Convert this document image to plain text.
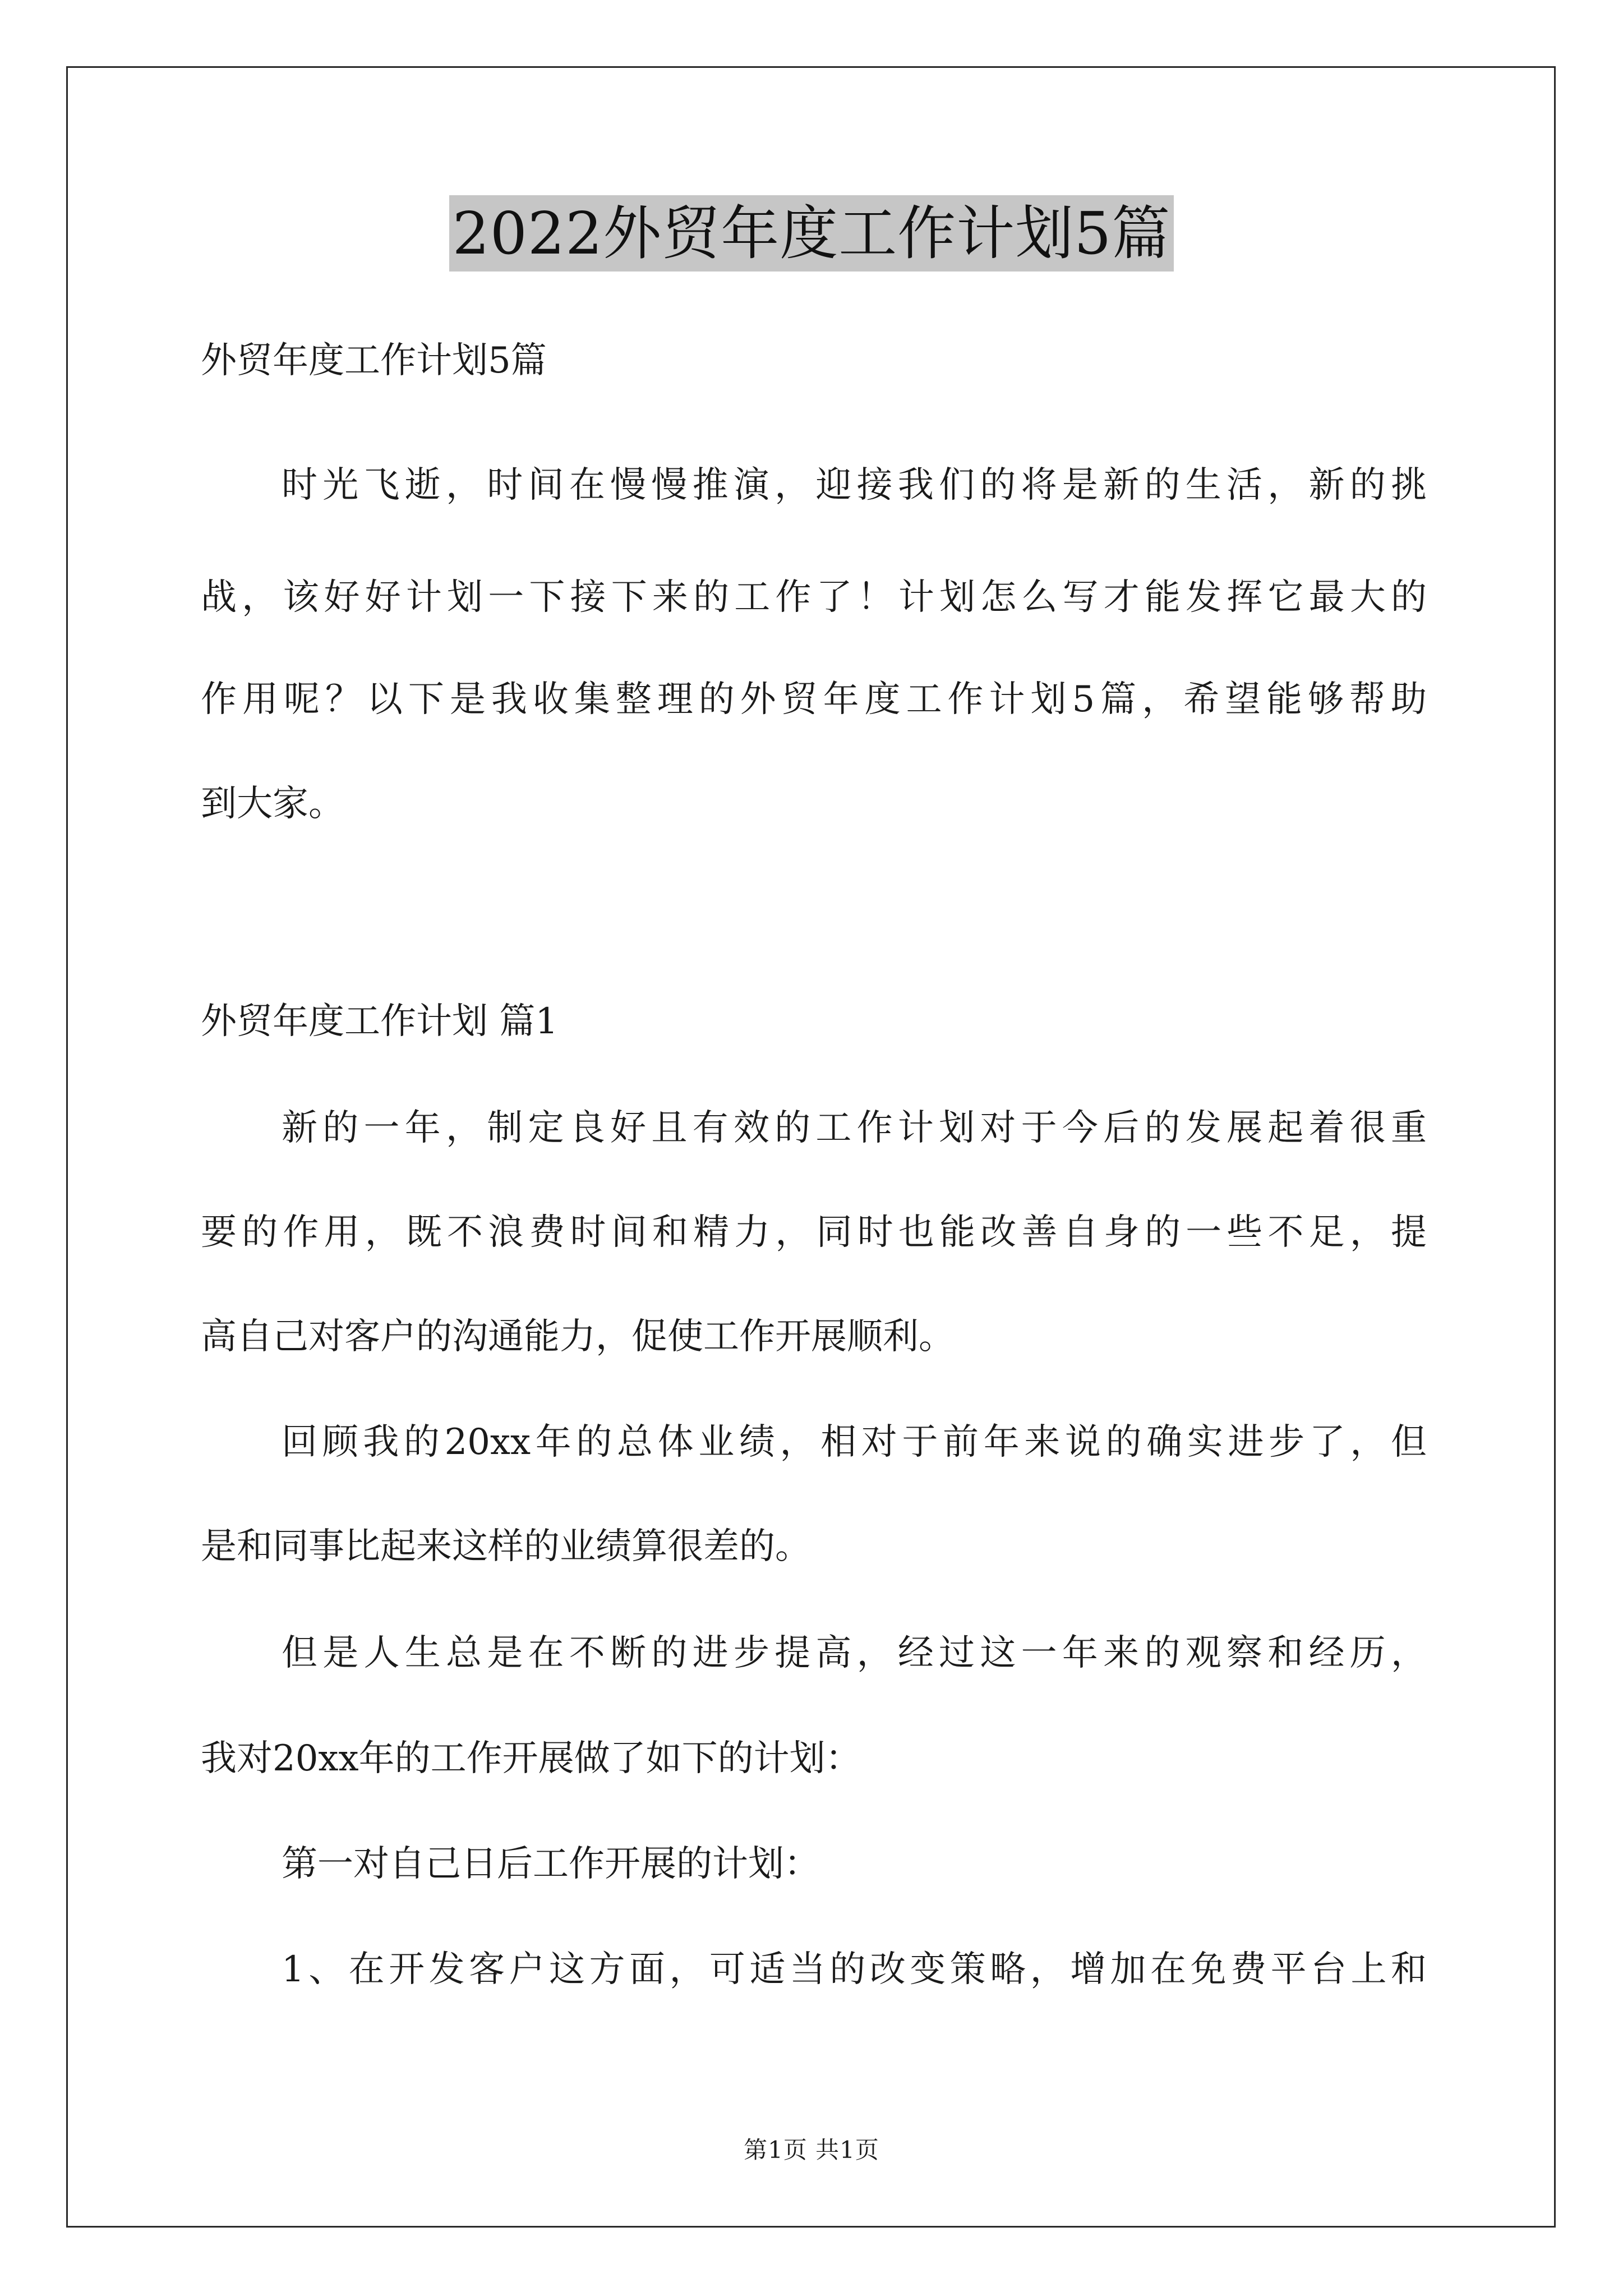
2022外贸年度工作计划5篇
外贸年度工作计划5篇
时光飞逝，时间在慢慢推演，迎接我们的将是新的生活，新的挑
战，该好好计划一下接下来的工作了！计划怎么写才能发挥它最大的
作用呢？以下是我收集整理的外贸年度工作计划5篇，希望能够帮助
到大家。
外贸年度工作计划 篇1
新的一年，制定良好且有效的工作计划对于今后的发展起着很重
要的作用，既不浪费时间和精力，同时也能改善自身的一些不足，提
高自己对客户的沟通能力，促使工作开展顺利。
回顾我的20xx年的总体业绩，相对于前年来说的确实进步了，但
是和同事比起来这样的业绩算很差的。
但是人生总是在不断的进步提高，经过这一年来的观察和经历，
我对20xx年的工作开展做了如下的计划：
第一对自己日后工作开展的计划：
1、在开发客户这方面，可适当的改变策略，增加在免费平台上和
第1页 共1页
